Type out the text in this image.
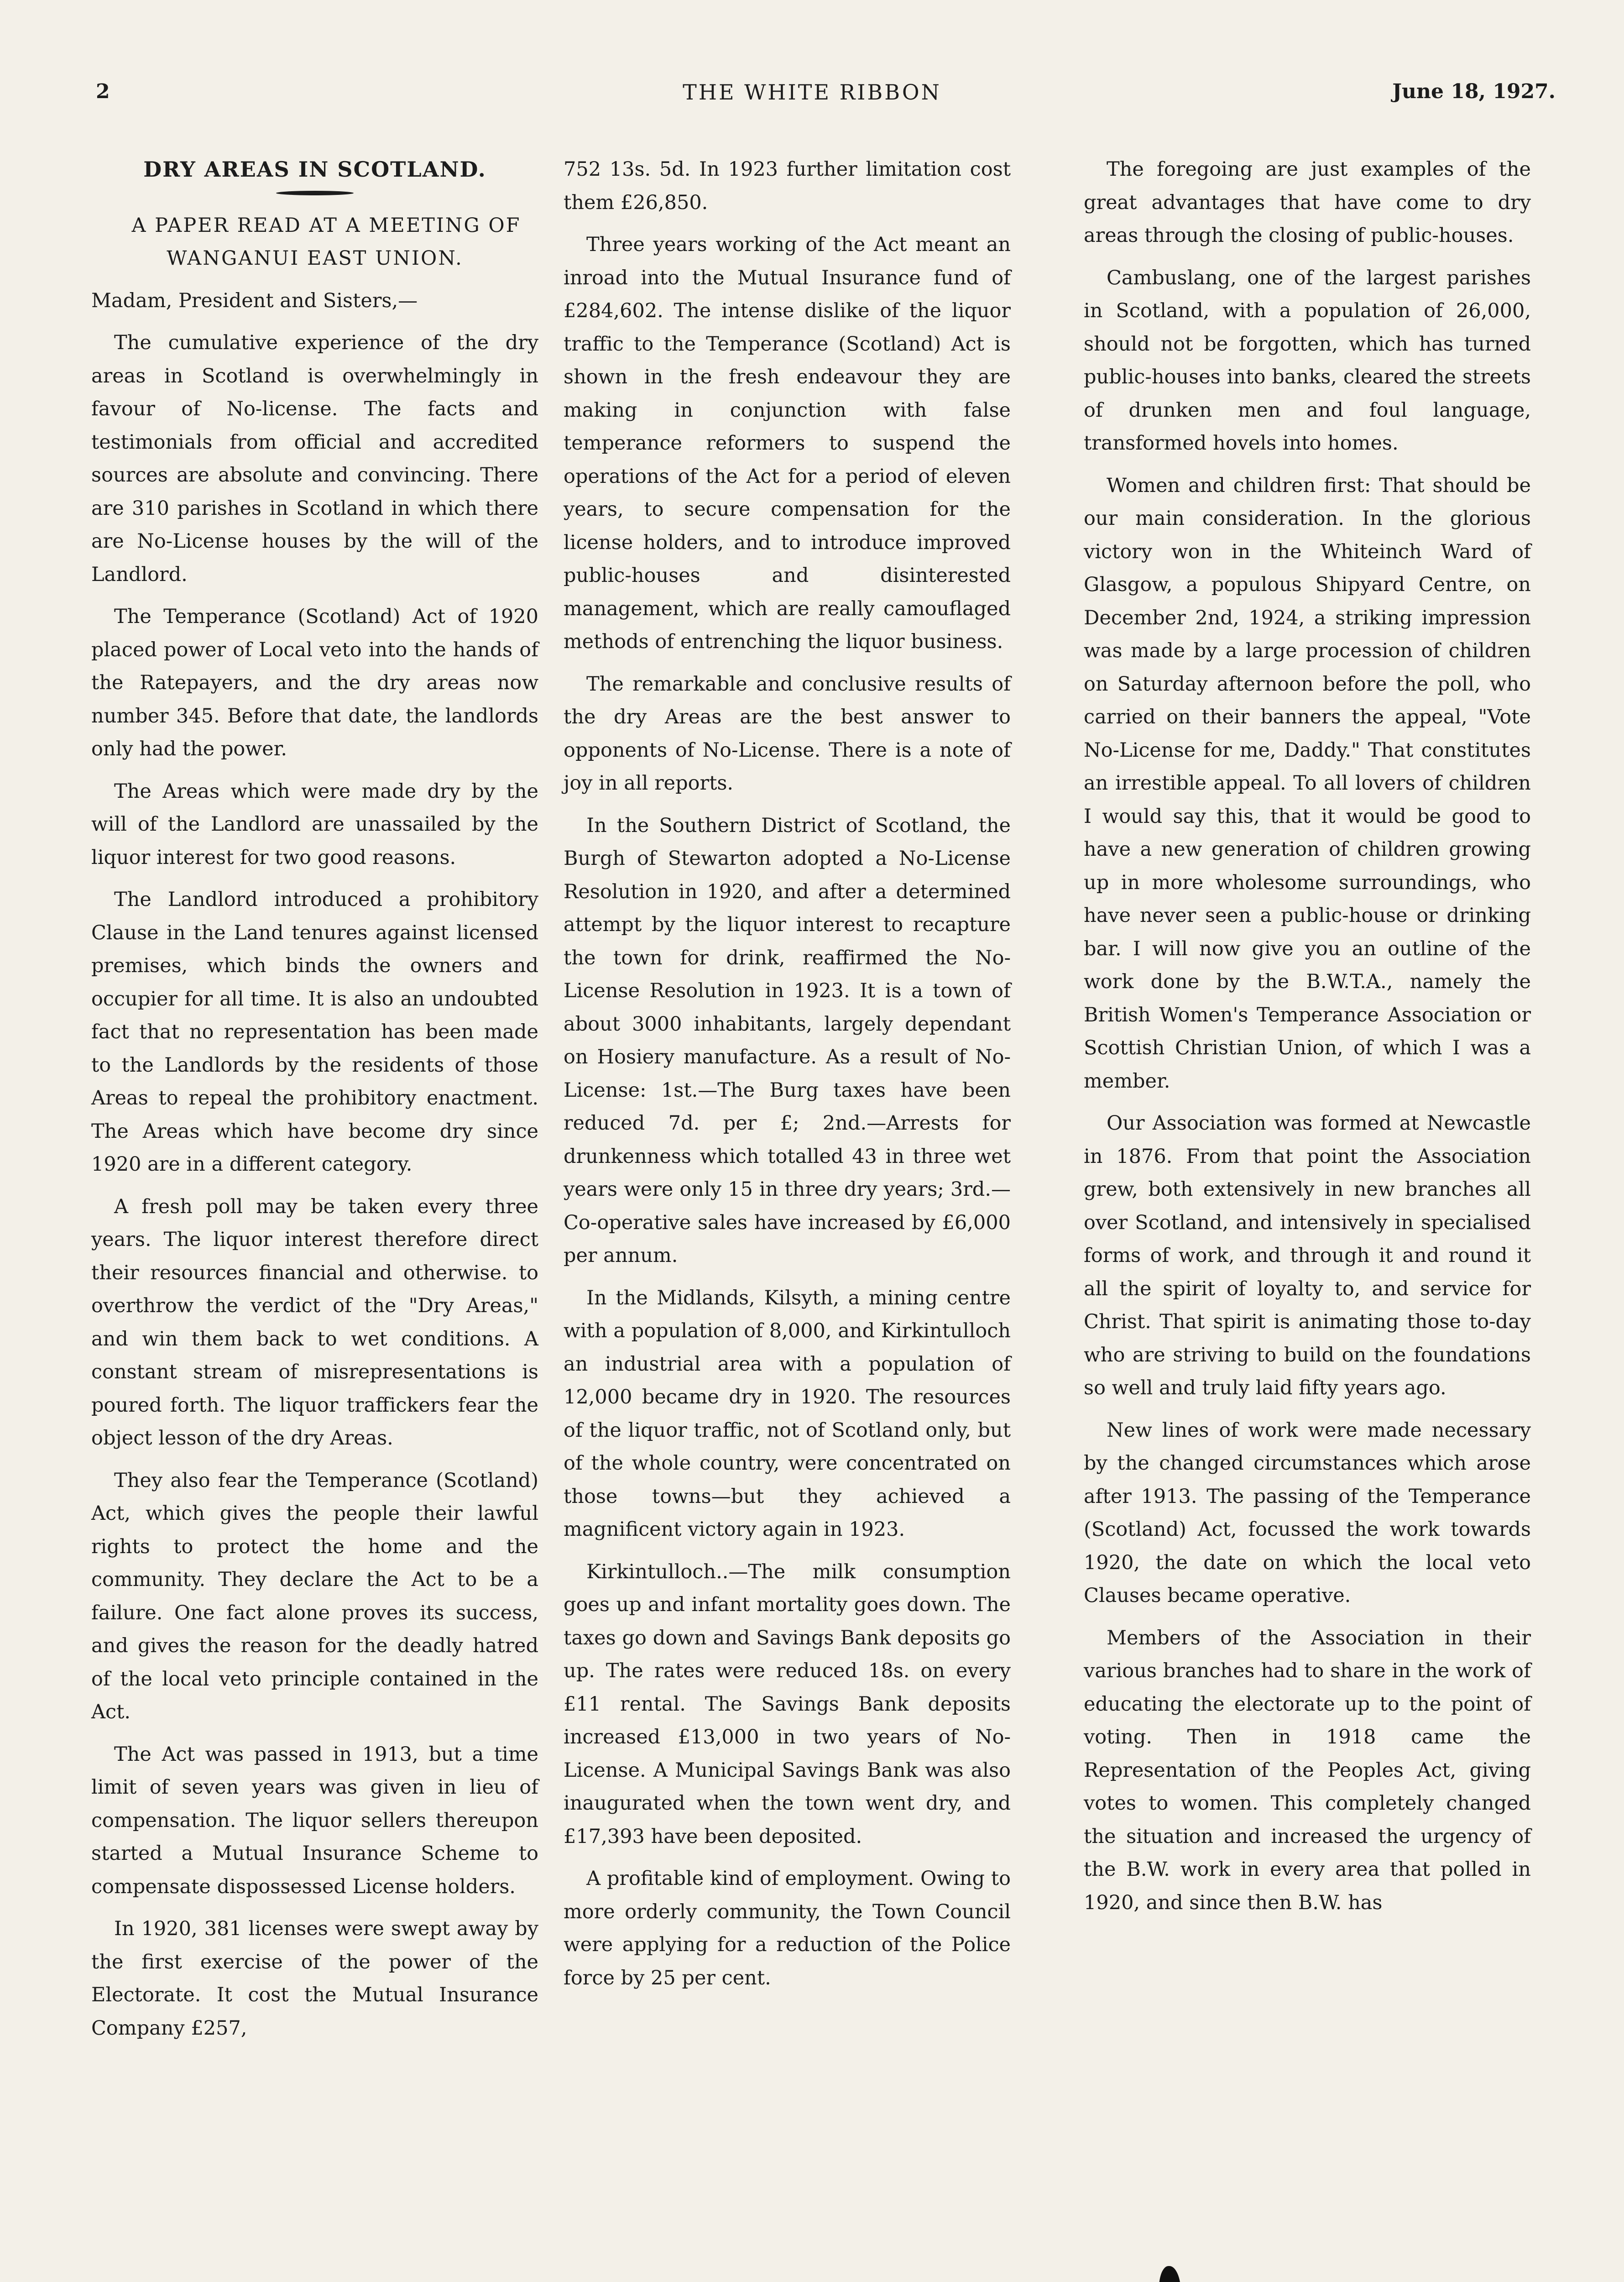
2	THE WHITE RIBBON	June 18, 1927.
DRY AREAS IN SCOTLAND.

A PAPER READ AT A MEETING OF WANGANUI EAST UNION.

Madam, President and Sisters,—

The cumulative experience of the dry areas in Scotland is overwhelmingly in favour of No-license. The facts and testimonials from official and accredited sources are absolute and convincing. There are 310 parishes in Scotland in which there are No-License houses by the will of the Landlord.

The Temperance (Scotland) Act of 1920 placed power of Local veto into the hands of the Ratepayers, and the dry areas now number 345. Before that date, the landlords only had the power.

The Areas which were made dry by the will of the Landlord are unassailed by the liquor interest for two good reasons.

The Landlord introduced a prohibitory Clause in the Land tenures against licensed premises, which binds the owners and occupier for all time. It is also an undoubted fact that no representation has been made to the Landlords by the residents of those Areas to repeal the prohibitory enactment. The Areas which have become dry since 1920 are in a different category.

A fresh poll may be taken every three years. The liquor interest therefore direct their resources financial and otherwise. to overthrow the verdict of the "Dry Areas," and win them back to wet conditions. A constant stream of misrepresentations is poured forth. The liquor traffickers fear the object lesson of the dry Areas.

They also fear the Temperance (Scotland) Act, which gives the people their lawful rights to protect the home and the community. They declare the Act to be a failure. One fact alone proves its success, and gives the reason for the deadly hatred of the local veto principle contained in the Act.

The Act was passed in 1913, but a time limit of seven years was given in lieu of compensation. The liquor sellers thereupon started a Mutual Insurance Scheme to compensate dispossessed License holders.

In 1920, 381 licenses were swept away by the first exercise of the power of the Electorate. It cost the Mutual Insurance Company £257,

752 13s. 5d. In 1923 further limitation cost them £26,850.

Three years working of the Act meant an inroad into the Mutual Insurance fund of £284,602. The intense dislike of the liquor traffic to the Temperance (Scotland) Act is shown in the fresh endeavour they are making in conjunction with false temperance reformers to suspend the operations of the Act for a period of eleven years, to secure compensation for the license holders, and to introduce improved public-houses and disinterested management, which are really camouflaged methods of entrenching the liquor business.

The remarkable and conclusive results of the dry Areas are the best answer to opponents of No-License. There is a note of joy in all reports.

In the Southern District of Scotland, the Burgh of Stewarton adopted a No-License Resolution in 1920, and after a determined attempt by the liquor interest to recapture the town for drink, reaffirmed the No-License Resolution in 1923. It is a town of about 3000 inhabitants, largely dependant on Hosiery manufacture. As a result of No-License: 1st.—The Burg taxes have been reduced 7d. per £; 2nd.—Arrests for drunkenness which totalled 43 in three wet years were only 15 in three dry years; 3rd.—Co-operative sales have increased by £6,000 per annum.

In the Midlands, Kilsyth, a mining centre with a population of 8,000, and Kirkintulloch an industrial area with a population of 12,000 became dry in 1920. The resources of the liquor traffic, not of Scotland only, but of the whole country, were concentrated on those towns—but they achieved a magnificent victory again in 1923.

Kirkintulloch..—The milk consumption goes up and infant mortality goes down. The taxes go down and Savings Bank deposits go up. The rates were reduced 18s. on every £11 rental. The Savings Bank deposits increased £13,000 in two years of No-License. A Municipal Savings Bank was also inaugurated when the town went dry, and £17,393 have been deposited.

A profitable kind of employment. Owing to more orderly community, the Town Council were applying for a reduction of the Police force by 25 per cent.

The foregoing are just examples of the great advantages that have come to dry areas through the closing of public-houses.

Cambuslang, one of the largest parishes in Scotland, with a population of 26,000, should not be forgotten, which has turned public-houses into banks, cleared the streets of drunken men and foul language, transformed hovels into homes.

Women and children first: That should be our main consideration. In the glorious victory won in the Whiteinch Ward of Glasgow, a populous Shipyard Centre, on December 2nd, 1924, a striking impression was made by a large procession of children on Saturday afternoon before the poll, who carried on their banners the appeal, "Vote No-License for me, Daddy." That constitutes an irrestible appeal. To all lovers of children I would say this, that it would be good to have a new generation of children growing up in more wholesome surroundings, who have never seen a public-house or drinking bar. I will now give you an outline of the work done by the B.W.T.A., namely the British Women's Temperance Association or Scottish Christian Union, of which I was a member.

Our Association was formed at Newcastle in 1876. From that point the Association grew, both extensively in new branches all over Scotland, and intensively in specialised forms of work, and through it and round it all the spirit of loyalty to, and service for Christ. That spirit is animating those to-day who are striving to build on the foundations so well and truly laid fifty years ago.

New lines of work were made necessary by the changed circumstances which arose after 1913. The passing of the Temperance (Scotland) Act, focussed the work towards 1920, the date on which the local veto Clauses became operative.

Members of the Association in their various branches had to share in the work of educating the electorate up to the point of voting. Then in 1918 came the Representation of the Peoples Act, giving votes to women. This completely changed the situation and increased the urgency of the B.W. work in every area that polled in 1920, and since then B.W. has
